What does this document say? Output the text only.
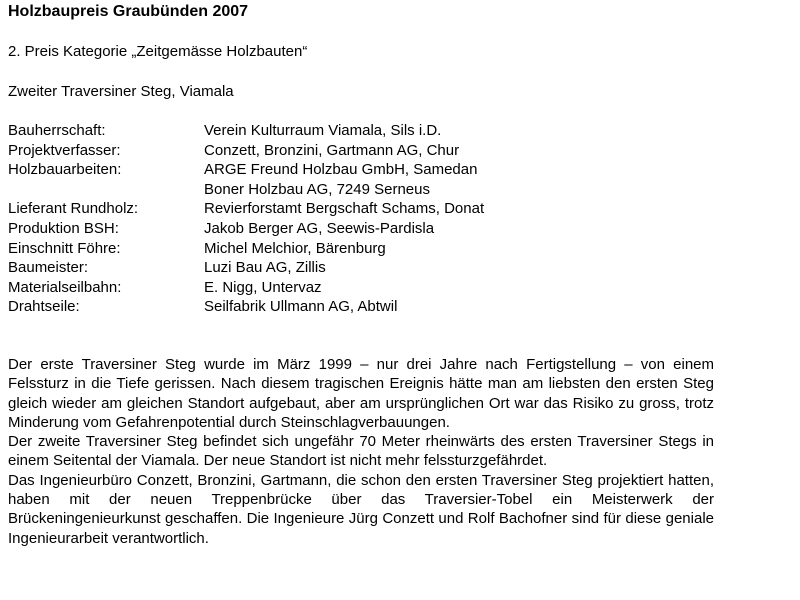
Holzbaupreis Graubünden 2007

2. Preis Kategorie „Zeitgemässe Holzbauten“

Zweiter Traversiner Steg, Viamala

Bauherrschaft:	Verein Kulturraum Viamala, Sils i.D.
Projektverfasser:	Conzett, Bronzini, Gartmann AG, Chur
Holzbauarbeiten:	ARGE Freund Holzbau GmbH, Samedan
Boner Holzbau AG, 7249 Serneus
Lieferant Rundholz:	Revierforstamt Bergschaft Schams, Donat
Produktion BSH:	Jakob Berger AG, Seewis-Pardisla
Einschnitt Föhre:	Michel Melchior, Bärenburg
Baumeister:	Luzi Bau AG, Zillis
Materialseilbahn:	E. Nigg, Untervaz
Drahtseile:	Seilfabrik Ullmann AG, Abtwil

Der erste Traversiner Steg wurde im März 1999 – nur drei Jahre nach Fertigstellung – von einem Felssturz in die Tiefe gerissen. Nach diesem tragischen Ereignis hätte man am liebsten den ersten Steg gleich wieder am gleichen Standort aufgebaut, aber am ursprünglichen Ort war das Risiko zu gross, trotz Minderung vom Gefahrenpotential durch Steinschlagverbauungen.

Der zweite Traversiner Steg befindet sich ungefähr 70 Meter rheinwärts des ersten Traversiner Stegs in einem Seitental der Viamala. Der neue Standort ist nicht mehr felssturzgefährdet.

Das Ingenieurbüro Conzett, Bronzini, Gartmann, die schon den ersten Traversiner Steg projektiert hatten, haben mit der neuen Treppenbrücke über das Traversier-Tobel ein Meisterwerk der Brückeningenieurkunst geschaffen. Die Ingenieure Jürg Conzett und Rolf Bachofner sind für diese geniale Ingenieurarbeit verantwortlich.
